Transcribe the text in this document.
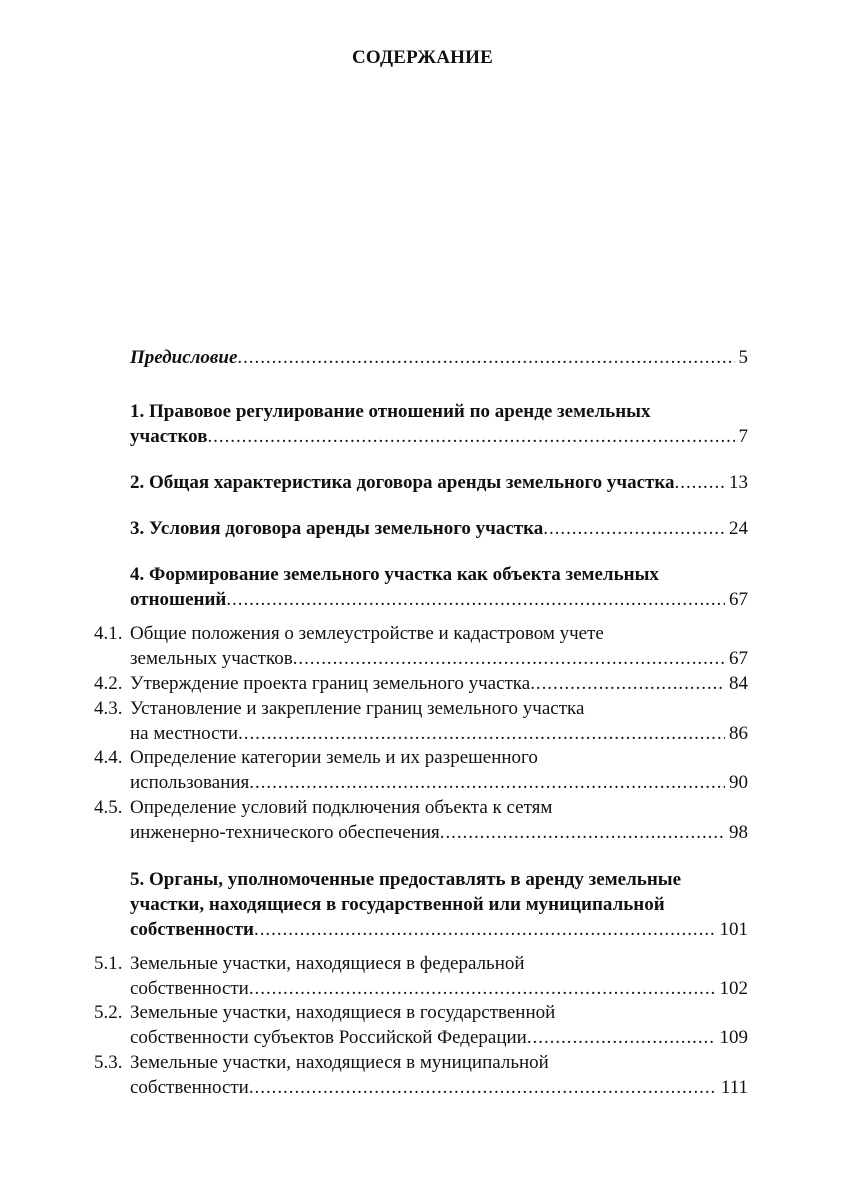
СОДЕРЖАНИЕ
Предисловие . . .	5
1. Правовое регулирование отношений по аренде земельных
участков . . .	7
2. Общая характеристика договора аренды земельного участка . . .	13
3. Условия договора аренды земельного участка . . .	24
4. Формирование земельного участка как объекта земельных
отношений . . .	67
4.1. Общие положения о землеустройстве и кадастровом учете
земельных участков . . .	67
4.2. Утверждение проекта границ земельного участка . . .	84
4.3. Установление и закрепление границ земельного участка
на местности . . .	86
4.4. Определение категории земель и их разрешенного
использования . . .	90
4.5. Определение условий подключения объекта к сетям
инженерно-технического обеспечения . . .	98
5. Органы, уполномоченные предоставлять в аренду земельные
участки, находящиеся в государственной или муниципальной
собственности . . .	101
5.1. Земельные участки, находящиеся в федеральной
собственности . . .	102
5.2. Земельные участки, находящиеся в государственной
собственности субъектов Российской Федерации . . .	109
5.3. Земельные участки, находящиеся в муниципальной
собственности . . .	111
